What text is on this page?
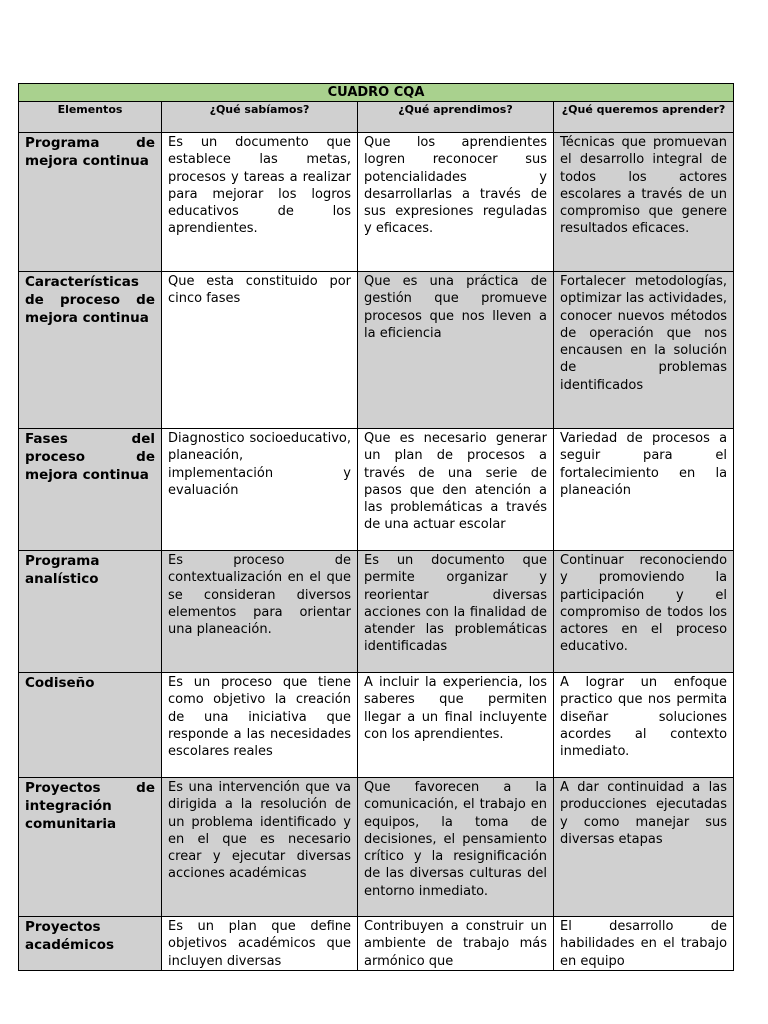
CUADRO CQA			
Elementos	¿Qué sabíamos?	¿Qué aprendimos?	¿Qué queremos aprender?

Programa de mejora continua	Es un documento que establece las metas, procesos y tareas a realizar para mejorar los logros educativos de los aprendientes.	Que los aprendientes logren reconocer sus potencialidades y desarrollarlas a través de sus expresiones reguladas y eficaces.	Técnicas que promuevan el desarrollo integral de todos los actores escolares a través de un compromiso que genere resultados eficaces.

Características de proceso de mejora continua	Que esta constituido por cinco fases	Que es una práctica de gestión que promueve procesos que nos lleven a la eficiencia	Fortalecer metodologías, optimizar las actividades, conocer nuevos métodos de operación que nos encausen en la solución de problemas identificados

Fases del proceso de mejora continua	Diagnostico socioeducativo, planeación, implementación y evaluación	Que es necesario generar un plan de procesos a través de una serie de pasos que den atención a las problemáticas a través de una actuar escolar	Variedad de procesos a seguir para el fortalecimiento en la planeación

Programa analístico	Es proceso de contextualización en el que se consideran diversos elementos para orientar una planeación.	Es un documento que permite organizar y reorientar diversas acciones con la finalidad de atender las problemáticas identificadas	Continuar reconociendo y promoviendo la participación y el compromiso de todos los actores en el proceso educativo.

Codiseño	Es un proceso que tiene como objetivo la creación de una iniciativa que responde a las necesidades escolares reales	A incluir la experiencia, los saberes que permiten llegar a un final incluyente con los aprendientes.	A lograr un enfoque practico que nos permita diseñar soluciones acordes al contexto inmediato.

Proyectos de integración comunitaria	Es una intervención que va dirigida a la resolución de un problema identificado y en el que es necesario crear y ejecutar diversas acciones académicas	Que favorecen a la comunicación, el trabajo en equipos, la toma de decisiones, el pensamiento crítico y la resignificación de las diversas culturas del entorno inmediato.	A dar continuidad a las producciones ejecutadas y como manejar sus diversas etapas

Proyectos académicos	Es un plan que define objetivos académicos que incluyen diversas	Contribuyen a construir un ambiente de trabajo más armónico que	El desarrollo de habilidades en el trabajo en equipo
